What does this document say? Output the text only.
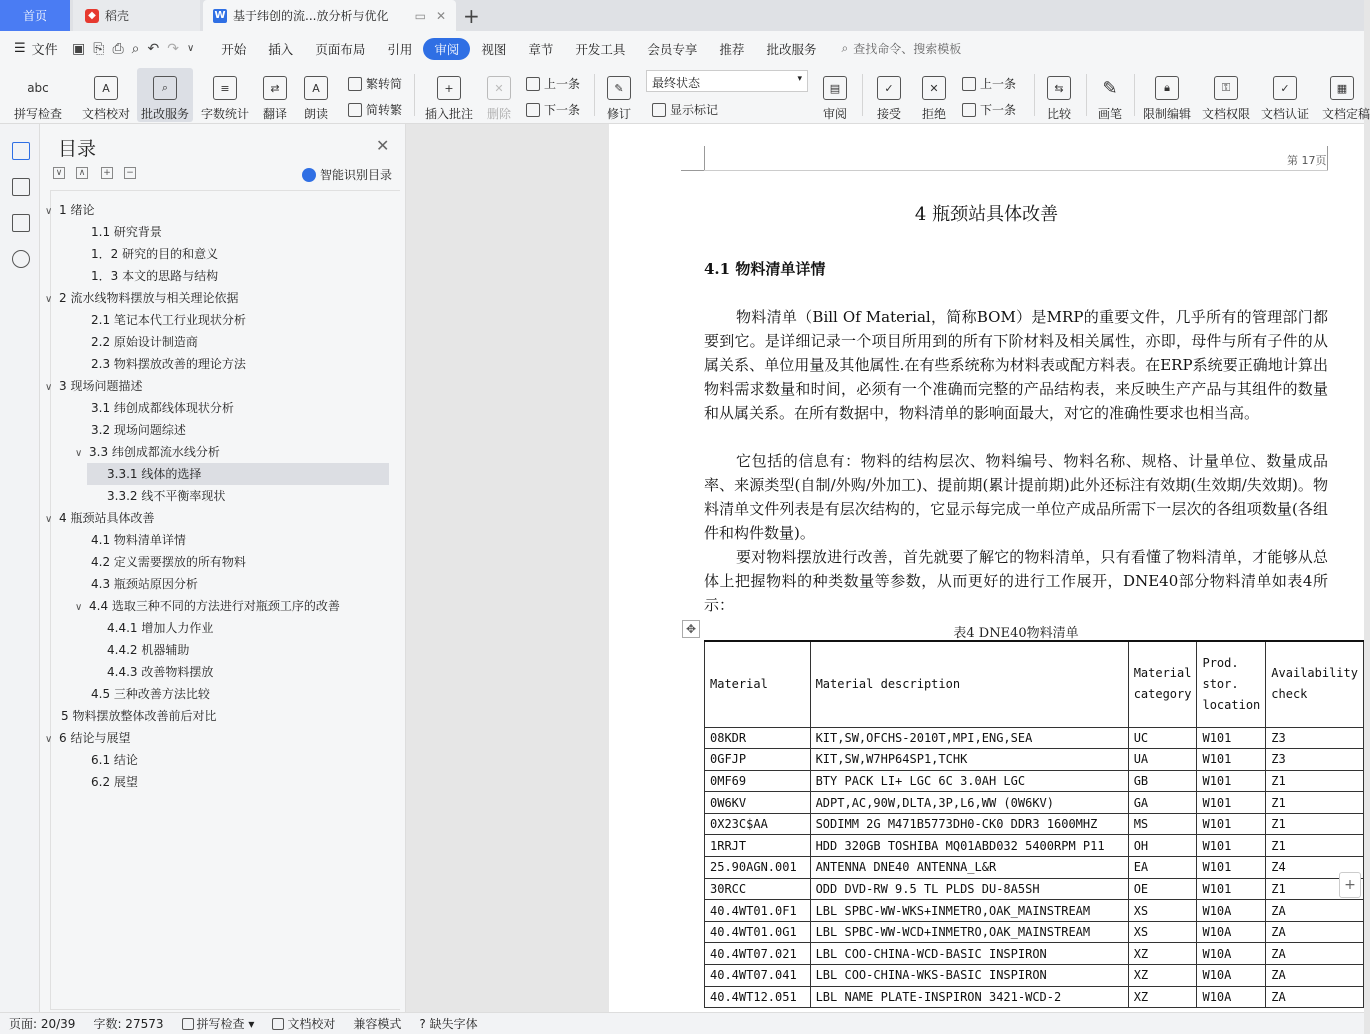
首页	◆ 稻壳	W 基于纬创的流...放分析与优化 ▭ ✕ +
☰ 文件 ▣ ⎘ ⎙ ⌕ ↶ ↷ ∨	开始	插入	页面布局	引用	审阅	视图	章节	开发工具	会员专享	推荐	批改服务	⌕ 查找命令、搜索模板
abc
拼写检查
A
文档校对
⌕
批改服务
≡
字数统计
⇄
翻译
A
朗读
繁转简
简转繁
+
插入批注
✕
删除
上一条
下一条
✎
修订
最终状态	▾
显示标记
▤
审阅
✓
接受
✕
拒绝
上一条
下一条
⇆
比较
✎
画笔
🔒︎
限制编辑
⚿
文档权限
✓
文档认证
▦
文档定稿
目录	✕
∨	∧	+ −	智能识别目录
∨ 1 绪论
1.1 研究背景
1．2 研究的目的和意义
1．3 本文的思路与结构
∨ 2 流水线物料摆放与相关理论依据
2.1 笔记本代工行业现状分析
2.2 原始设计制造商
2.3 物料摆放改善的理论方法
∨ 3 现场问题描述
3.1 纬创成都线体现状分析
3.2 现场问题综述
∨ 3.3 纬创成都流水线分析
3.3.1 线体的选择
3.3.2 线不平衡率现状
∨ 4 瓶颈站具体改善
4.1 物料清单详情
4.2 定义需要摆放的所有物料
4.3 瓶颈站原因分析
∨ 4.4 选取三种不同的方法进行对瓶颈工序的改善
4.4.1 增加人力作业
4.4.2 机器辅助
4.4.3 改善物料摆放
4.5 三种改善方法比较
5 物料摆放整体改善前后对比
∨ 6 结论与展望
6.1 结论
6.2 展望
第 17页
4 瓶颈站具体改善
4.1 物料清单详情
物料清单（Bill Of Material，简称BOM）是MRP的重要文件，几乎所有的管理部门都要到它。是详细记录一个项目所用到的所有下阶材料及相关属性，亦即，母件与所有子件的从属关系、单位用量及其他属性.在有些系统称为材料表或配方料表。在ERP系统要正确地计算出物料需求数量和时间，必须有一个准确而完整的产品结构表，来反映生产产品与其组件的数量和从属关系。在所有数据中，物料清单的影响面最大，对它的准确性要求也相当高。
它包括的信息有：物料的结构层次、物料编号、物料名称、规格、计量单位、数量成品率、来源类型(自制/外购/外加工)、提前期(累计提前期)此外还标注有效期(生效期/失效期)。物料清单文件列表是有层次结构的，它显示每完成一单位产成品所需下一层次的各组项数量(各组件和构件数量)。
要对物料摆放进行改善，首先就要了解它的物料清单，只有看懂了物料清单，才能够从总体上把握物料的种类数量等参数，从而更好的进行工作展开，DNE40部分物料清单如表4所示：
✥	表4 DNE40物料清单
Material	Material description	Material category	Prod. stor. location	Availability check
08KDR	KIT,SW,OFCHS-2010T,MPI,ENG,SEA	UC	W101	Z3
0GFJP	KIT,SW,W7HP64SP1,TCHK	UA	W101	Z3
0MF69	BTY PACK LI+ LGC 6C 3.0AH LGC	GB	W101	Z1
0W6KV	ADPT,AC,90W,DLTA,3P,L6,WW (0W6KV)	GA	W101	Z1
0X23C$AA	SODIMM 2G M471B5773DH0-CK0 DDR3 1600MHZ	MS	W101	Z1
1RRJT	HDD 320GB TOSHIBA MQ01ABD032 5400RPM P11	OH	W101	Z1
25.90AGN.001	ANTENNA DNE40 ANTENNA_L&R	EA	W101	Z4
30RCC	ODD DVD-RW 9.5 TL PLDS DU-8A5SH	OE	W101	Z1
40.4WT01.0F1	LBL SPBC-WW-WKS+INMETRO,OAK_MAINSTREAM	XS	W10A	ZA
40.4WT01.0G1	LBL SPBC-WW-WCD+INMETRO,OAK_MAINSTREAM	XS	W10A	ZA
40.4WT07.021	LBL COO-CHINA-WCD-BASIC INSPIRON	XZ	W10A	ZA
40.4WT07.041	LBL COO-CHINA-WKS-BASIC INSPIRON	XZ	W10A	ZA
40.4WT12.051	LBL NAME PLATE-INSPIRON 3421-WCD-2	XZ	W10A	ZA
+
页面: 20/39	字数: 27573	拼写检查 ▾	文档校对	兼容模式	? 缺失字体
